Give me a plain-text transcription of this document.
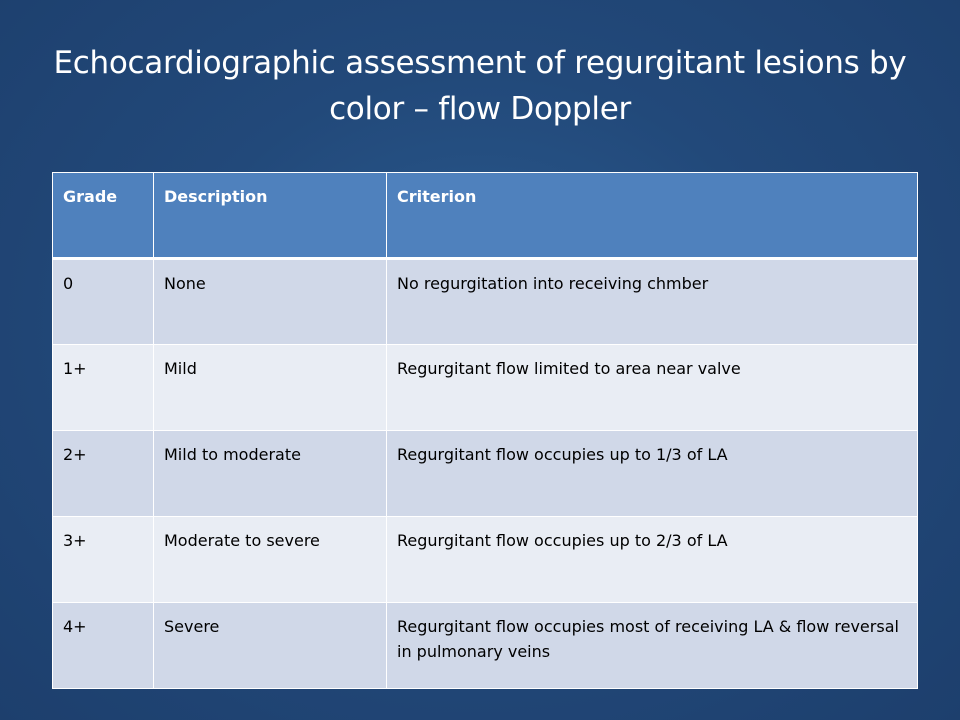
Echocardiographic assessment of regurgitant lesions by color – flow Doppler
Grade	Description	Criterion
0	None	No regurgitation into receiving chmber
1+	Mild	Regurgitant flow limited to area near valve
2+	Mild to moderate	Regurgitant flow occupies up to 1/3 of LA
3+	Moderate to severe	Regurgitant flow occupies up to 2/3 of LA
4+	Severe	Regurgitant flow occupies most of receiving LA & flow reversal in pulmonary veins
